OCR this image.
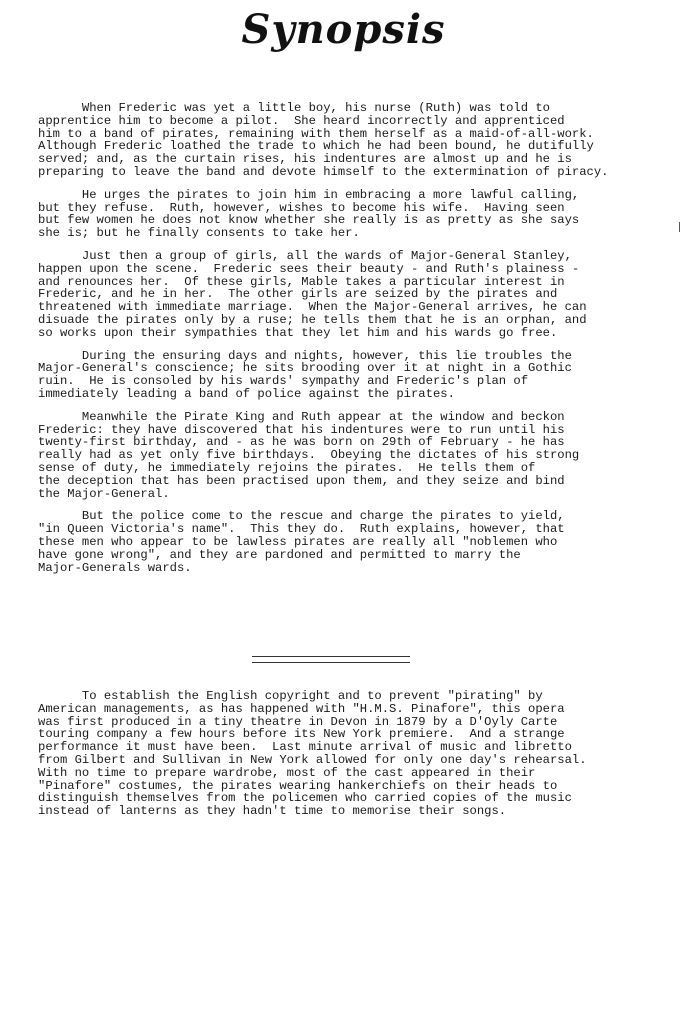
Synopsis

When Frederic was yet a little boy, his nurse (Ruth) was told to
apprentice him to become a pilot.  She heard incorrectly and apprenticed
him to a band of pirates, remaining with them herself as a maid-of-all-work.
Although Frederic loathed the trade to which he had been bound, he dutifully
served; and, as the curtain rises, his indentures are almost up and he is
preparing to leave the band and devote himself to the extermination of piracy.

He urges the pirates to join him in embracing a more lawful calling,
but they refuse.  Ruth, however, wishes to become his wife.  Having seen
but few women he does not know whether she really is as pretty as she says
she is; but he finally consents to take her.

Just then a group of girls, all the wards of Major-General Stanley,
happen upon the scene.  Frederic sees their beauty - and Ruth's plainess -
and renounces her.  Of these girls, Mable takes a particular interest in
Frederic, and he in her.  The other girls are seized by the pirates and
threatened with immediate marriage.  When the Major-General arrives, he can
disuade the pirates only by a ruse; he tells them that he is an orphan, and
so works upon their sympathies that they let him and his wards go free.

During the ensuring days and nights, however, this lie troubles the
Major-General's conscience; he sits brooding over it at night in a Gothic
ruin.  He is consoled by his wards' sympathy and Frederic's plan of
immediately leading a band of police against the pirates.

Meanwhile the Pirate King and Ruth appear at the window and beckon
Frederic: they have discovered that his indentures were to run until his
twenty-first birthday, and - as he was born on 29th of February - he has
really had as yet only five birthdays.  Obeying the dictates of his strong
sense of duty, he immediately rejoins the pirates.  He tells them of
the deception that has been practised upon them, and they seize and bind
the Major-General.

But the police come to the rescue and charge the pirates to yield,
"in Queen Victoria's name".  This they do.  Ruth explains, however, that
these men who appear to be lawless pirates are really all "noblemen who
have gone wrong", and they are pardoned and permitted to marry the
Major-Generals wards.

To establish the English copyright and to prevent "pirating" by
American managements, as has happened with "H.M.S. Pinafore", this opera
was first produced in a tiny theatre in Devon in 1879 by a D'Oyly Carte
touring company a few hours before its New York premiere.  And a strange
performance it must have been.  Last minute arrival of music and libretto
from Gilbert and Sullivan in New York allowed for only one day's rehearsal.
With no time to prepare wardrobe, most of the cast appeared in their
"Pinafore" costumes, the pirates wearing hankerchiefs on their heads to
distinguish themselves from the policemen who carried copies of the music
instead of lanterns as they hadn't time to memorise their songs.
